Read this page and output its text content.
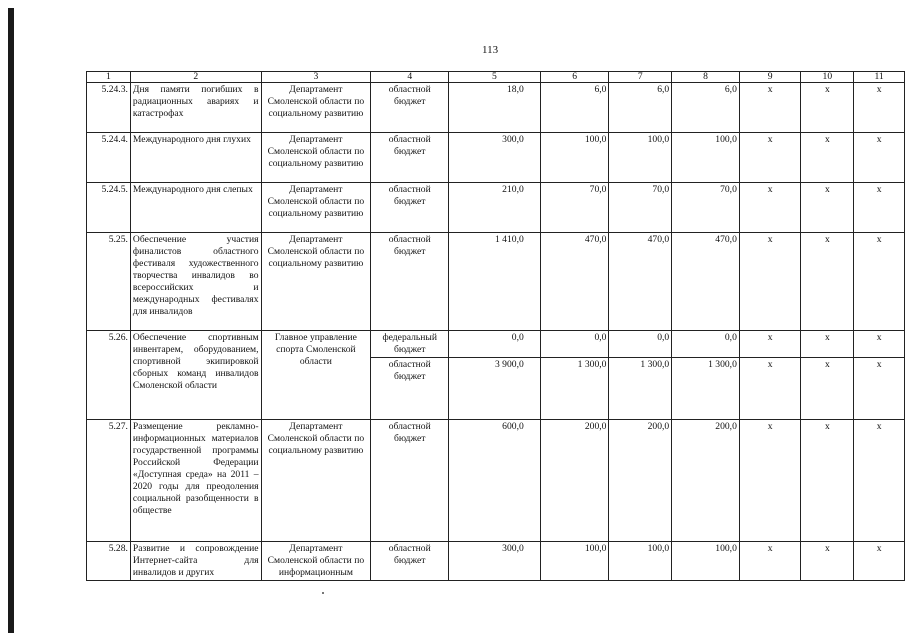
113
1	2	3	4	5	6	7	8	9	10	11
5.24.3.	Дня памяти погибших в радиационных авариях и катастрофах	Департамент Смоленской области по социальному развитию	областной бюджет	18,0	6,0	6,0	6,0	x	x	x
5.24.4.	Международного дня глухих	Департамент Смоленской области по социальному развитию	областной бюджет	300,0	100,0	100,0	100,0	x	x	x
5.24.5.	Международного дня слепых	Департамент Смоленской области по социальному развитию	областной бюджет	210,0	70,0	70,0	70,0	x	x	x
5.25.	Обеспечение участия финалистов областного фестиваля художественного творчества инвалидов во всероссийских и международных фестивалях для инвалидов	Департамент Смоленской области по социальному развитию	областной бюджет	1 410,0	470,0	470,0	470,0	x	x	x
5.26.	Обеспечение спортивным инвентарем, оборудованием, спортивной экипировкой сборных команд инвалидов Смоленской области	Главное управление спорта Смоленской области	федеральный бюджет	0,0	0,0	0,0	0,0	x	x	x
			областной бюджет	3 900,0	1 300,0	1 300,0	1 300,0	x	x	x
5.27.	Размещение рекламно-информационных материалов государственной программы Российской Федерации «Доступная среда» на 2011 – 2020 годы для преодоления социальной разобщенности в обществе	Департамент Смоленской области по социальному развитию	областной бюджет	600,0	200,0	200,0	200,0	x	x	x
5.28.	Развитие и сопровождение Интернет-сайта для инвалидов и других	Департамент Смоленской области по информационным	областной бюджет	300,0	100,0	100,0	100,0	x	x	x
